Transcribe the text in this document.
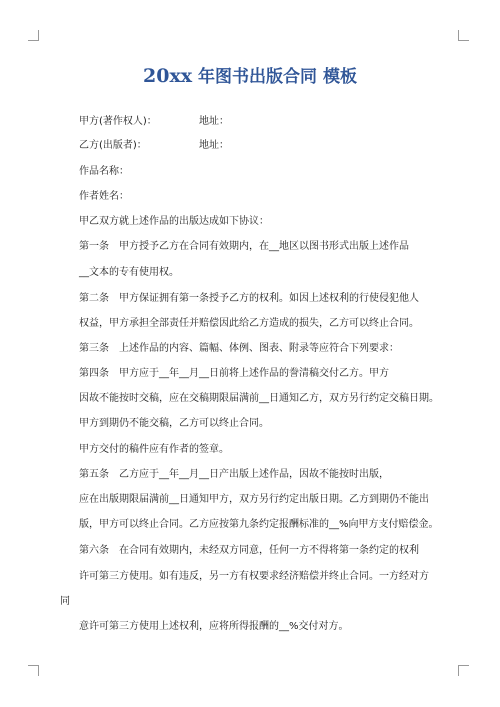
20xx 年图书出版合同 模板
甲方(著作权人)：	地址：
乙方(出版者)：	地址：
作品名称：
作者姓名：
甲乙双方就上述作品的出版达成如下协议：
第一条　甲方授予乙方在合同有效期内，在__地区以图书形式出版上述作品
__文本的专有使用权。
第二条　甲方保证拥有第一条授予乙方的权利。如因上述权利的行使侵犯他人
权益，甲方承担全部责任并赔偿因此给乙方造成的损失，乙方可以终止合同。
第三条　上述作品的内容、篇幅、体例、图表、附录等应符合下列要求：
第四条　甲方应于__年__月__日前将上述作品的誊清稿交付乙方。甲方
因故不能按时交稿，应在交稿期限届满前__日通知乙方，双方另行约定交稿日期。
甲方到期仍不能交稿，乙方可以终止合同。
甲方交付的稿件应有作者的签章。
第五条　乙方应于__年__月__日产出版上述作品，因故不能按时出版，
应在出版期限届满前__日通知甲方，双方另行约定出版日期。乙方到期仍不能出
版，甲方可以终止合同。乙方应按第九条约定报酬标准的__%向甲方支付赔偿金。
第六条　在合同有效期内，未经双方同意，任何一方不得将第一条约定的权利
许可第三方使用。如有违反，另一方有权要求经济赔偿并终止合同。一方经对方
同
意许可第三方使用上述权利，应将所得报酬的__%交付对方。
